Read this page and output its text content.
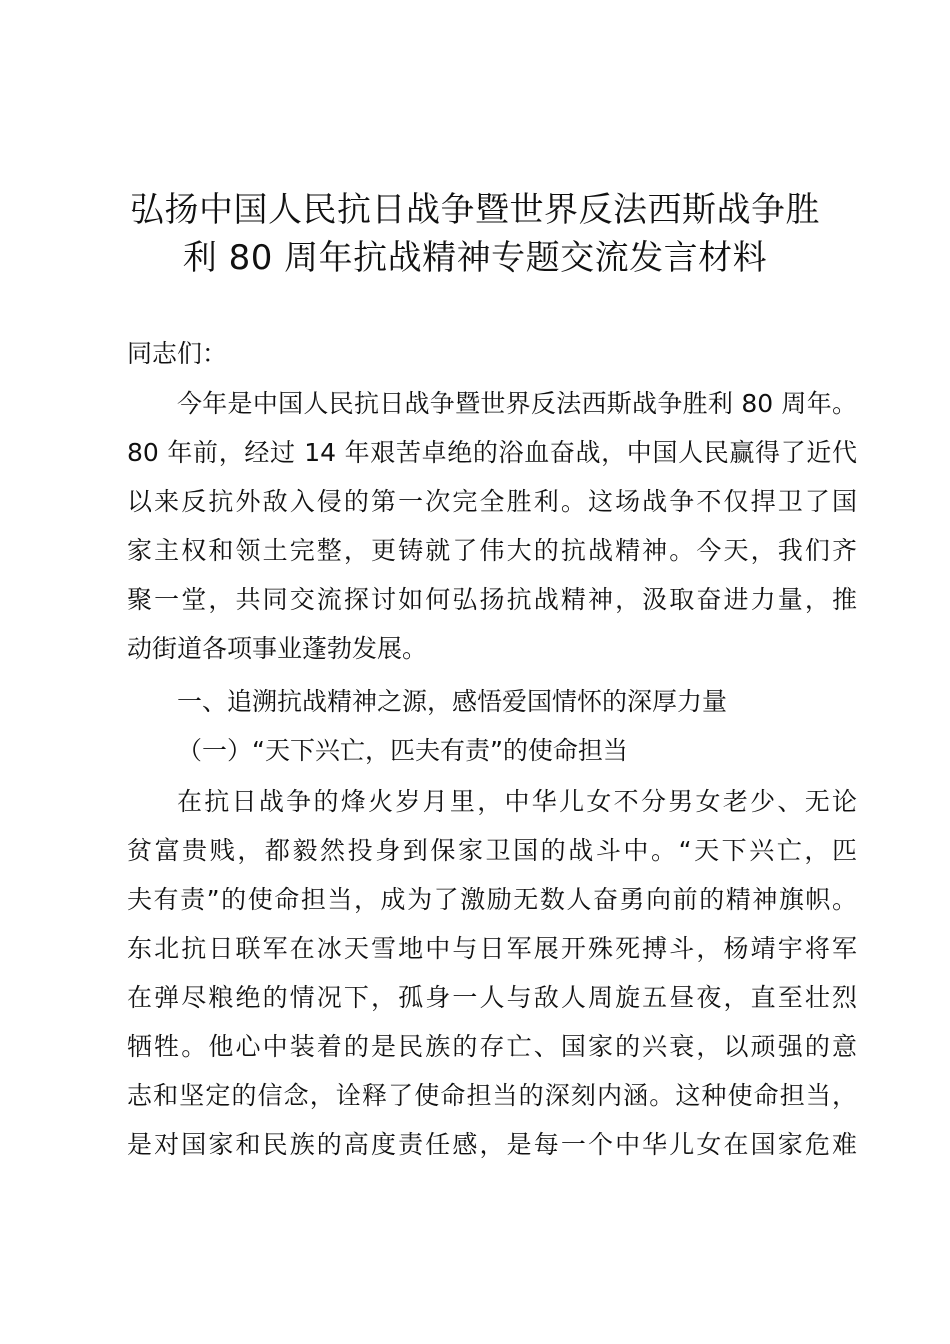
弘扬中国人民抗日战争暨世界反法西斯战争胜
利 80 周年抗战精神专题交流发言材料
同志们：
今年是中国人民抗日战争暨世界反法西斯战争胜利 80 周年。
80 年前，经过 14 年艰苦卓绝的浴血奋战，中国人民赢得了近代
以来反抗外敌入侵的第一次完全胜利。这场战争不仅捍卫了国
家主权和领土完整，更铸就了伟大的抗战精神。今天，我们齐
聚一堂，共同交流探讨如何弘扬抗战精神，汲取奋进力量，推
动街道各项事业蓬勃发展。
一、追溯抗战精神之源，感悟爱国情怀的深厚力量
（一）“天下兴亡，匹夫有责”的使命担当
在抗日战争的烽火岁月里，中华儿女不分男女老少、无论
贫富贵贱，都毅然投身到保家卫国的战斗中。“天下兴亡，匹
夫有责”的使命担当，成为了激励无数人奋勇向前的精神旗帜。
东北抗日联军在冰天雪地中与日军展开殊死搏斗，杨靖宇将军
在弹尽粮绝的情况下，孤身一人与敌人周旋五昼夜，直至壮烈
牺牲。他心中装着的是民族的存亡、国家的兴衰，以顽强的意
志和坚定的信念，诠释了使命担当的深刻内涵。这种使命担当，
是对国家和民族的高度责任感，是每一个中华儿女在国家危难
